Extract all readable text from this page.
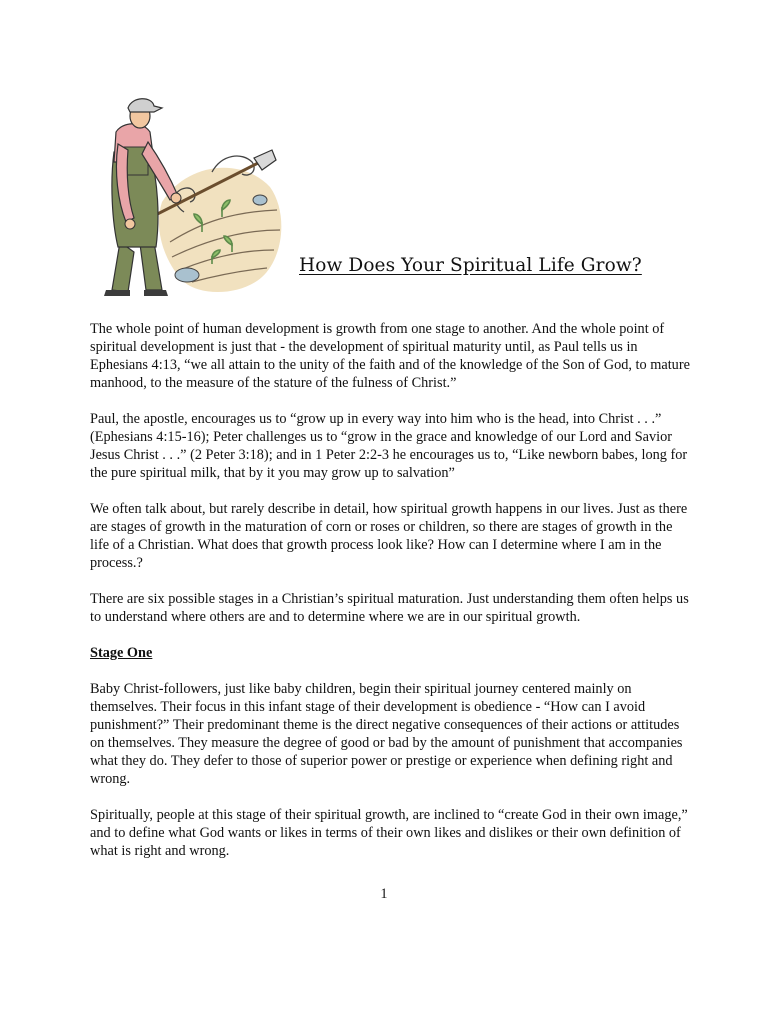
How Does Your Spiritual Life Grow?

The whole point of human development is growth from one stage to another. And the whole point of spiritual development is just that - the development of spiritual maturity until, as Paul tells us in Ephesians 4:13, “we all attain to the unity of the faith and of the knowledge of the Son of God, to mature manhood, to the measure of the stature of the fulness of Christ.”

Paul, the apostle, encourages us to “grow up in every way into him who is the head, into Christ . . .” (Ephesians 4:15-16); Peter challenges us to “grow in the grace and knowledge of our Lord and Savior Jesus Christ . . .” (2 Peter 3:18); and in 1 Peter 2:2-3 he encourages us to, “Like newborn babes, long for the pure spiritual milk, that by it you may grow up to salvation”

We often talk about, but rarely describe in detail, how spiritual growth happens in our lives. Just as there are stages of growth in the maturation of corn or roses or children, so there are stages of growth in the life of a Christian. What does that growth process look like? How can I determine where I am in the process.?

There are six possible stages in a Christian’s spiritual maturation. Just understanding them often helps us to understand where others are and to determine where we are in our spiritual growth.

Stage One

Baby Christ-followers, just like baby children, begin their spiritual journey centered mainly on themselves. Their focus in this infant stage of their development is obedience - “How can I avoid punishment?” Their predominant theme is the direct negative consequences of their actions or attitudes on themselves. They measure the degree of good or bad by the amount of punishment that accompanies what they do. They defer to those of superior power or prestige or experience when defining right and wrong.

Spiritually, people at this stage of their spiritual growth, are inclined to “create God in their own image,” and to define what God wants or likes in terms of their own likes and dislikes or their own definition of what is right and wrong.

1
